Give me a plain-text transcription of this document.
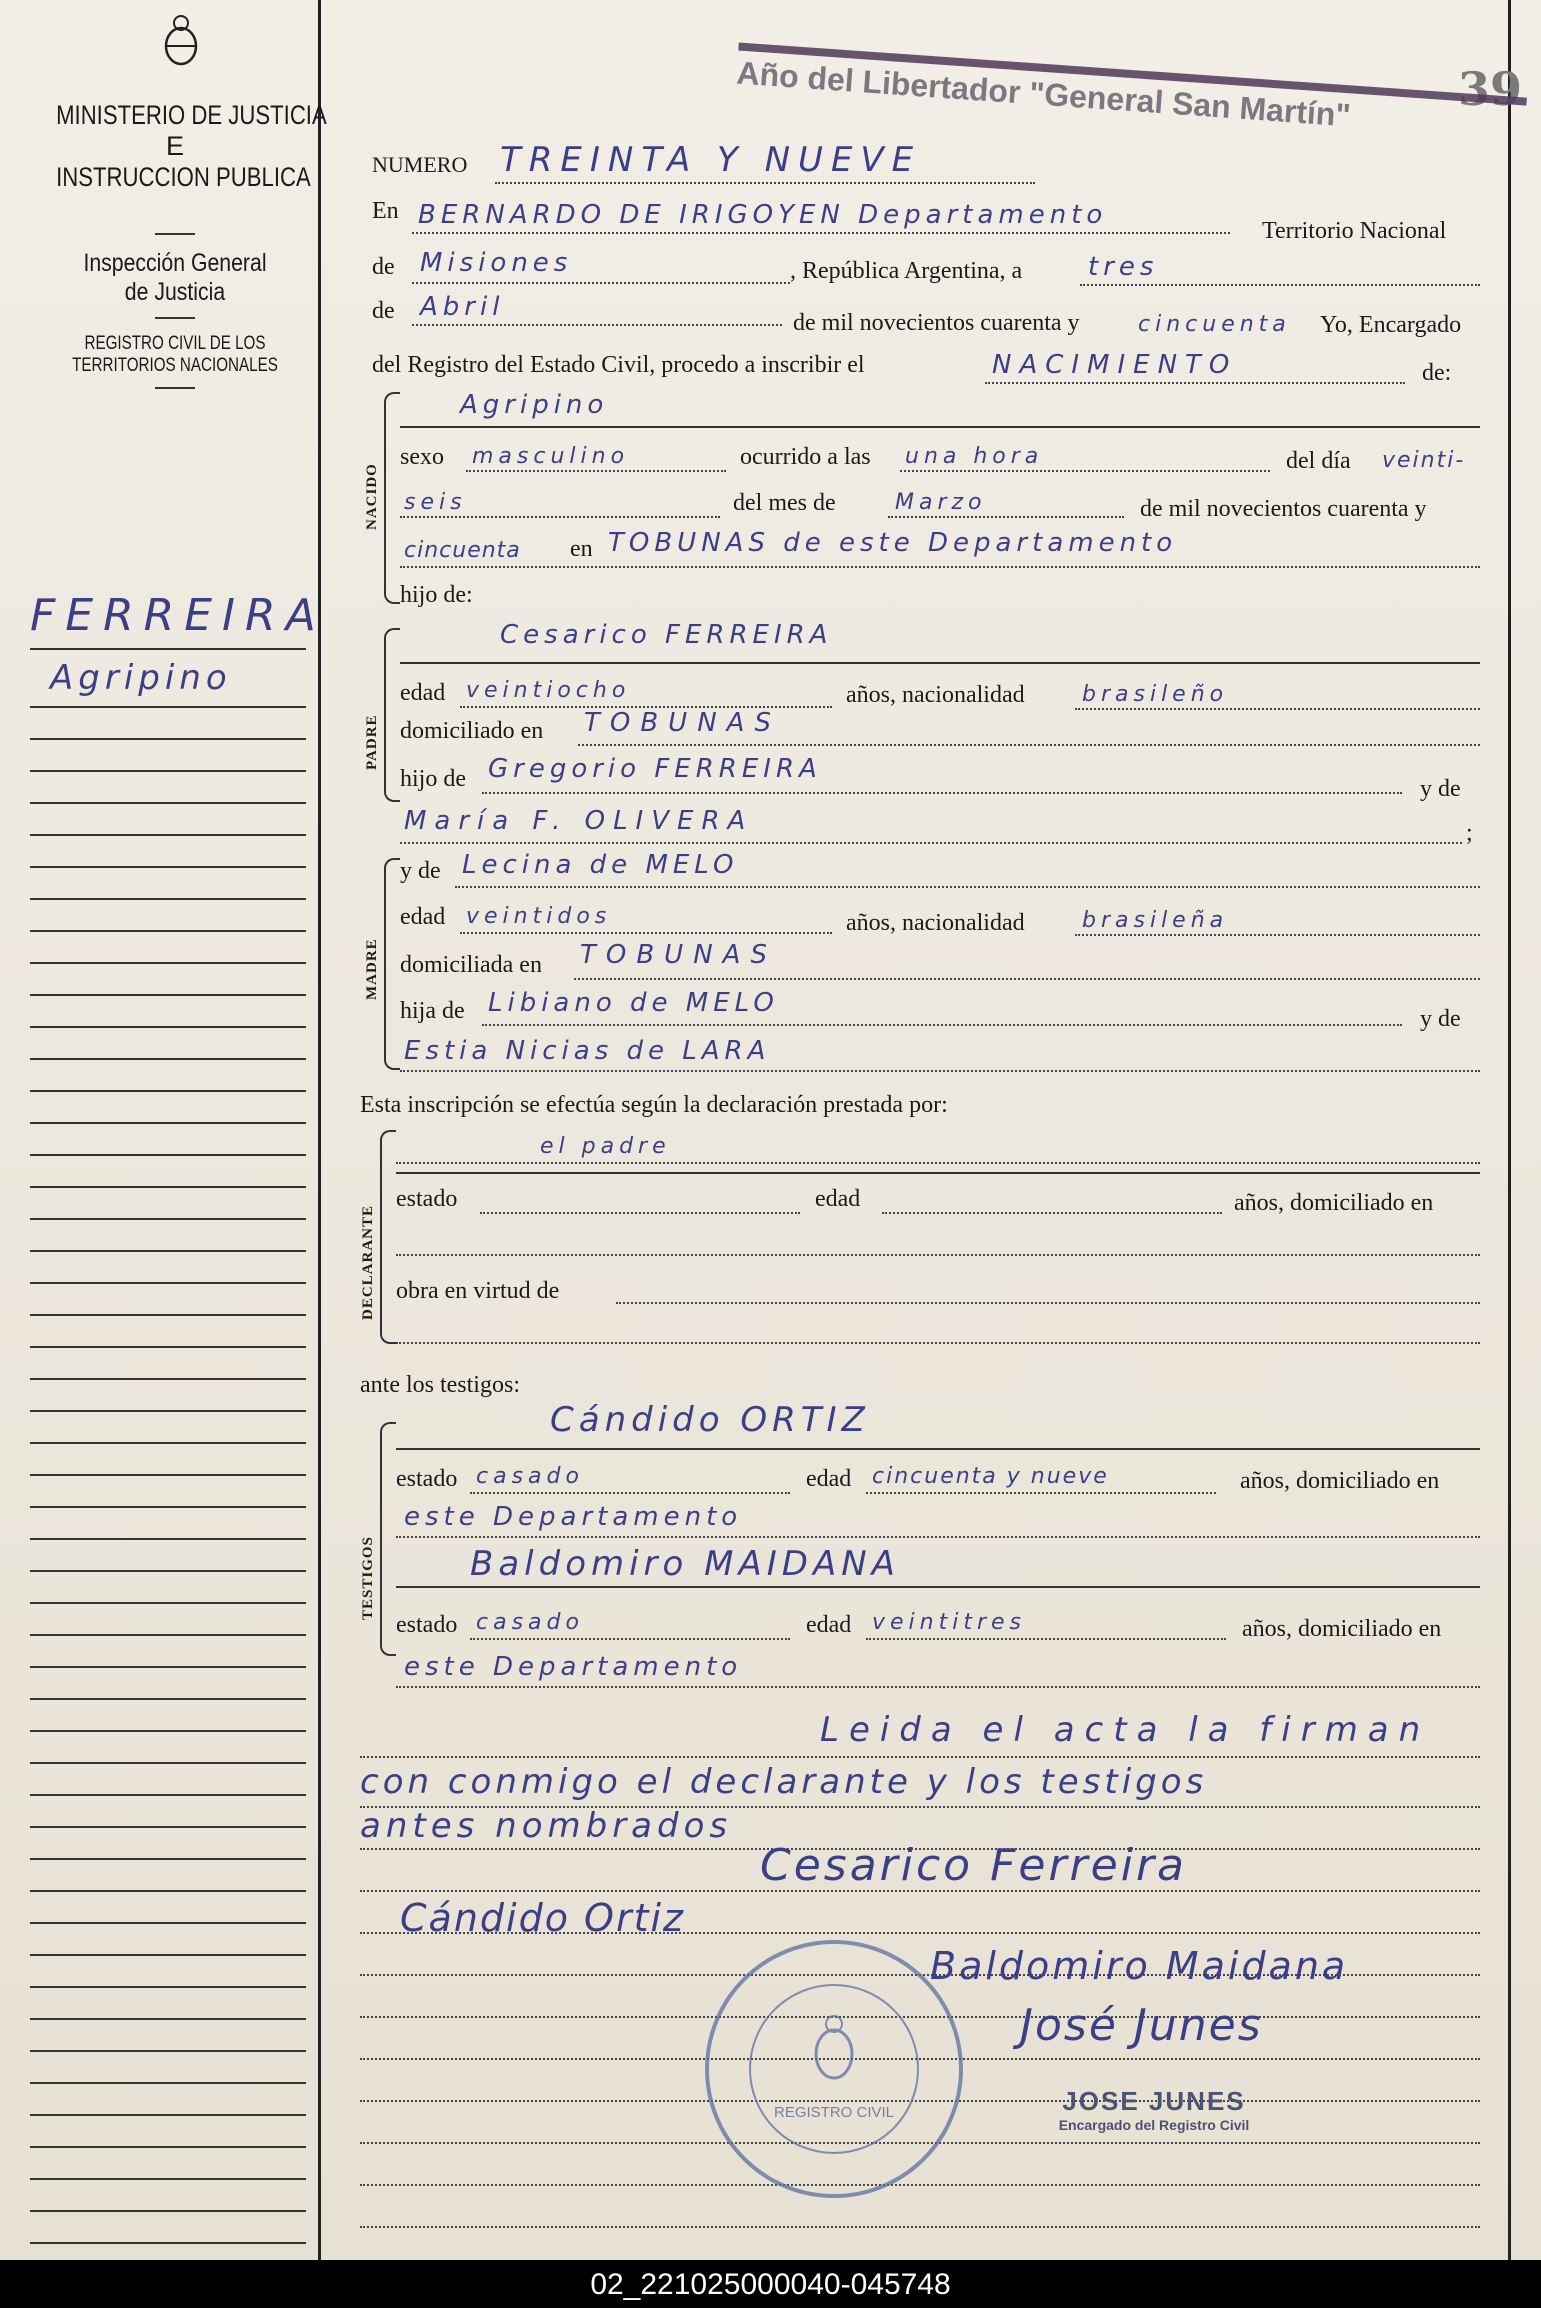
39
Año del Libertador "General San Martín"
MINISTERIO DE JUSTICIA
E
INSTRUCCION PUBLICA
Inspección General
de Justicia
REGISTRO CIVIL DE LOS
TERRITORIOS NACIONALES
FERREIRA
Agripino
NUMERO TREINTA Y NUEVE
En BERNARDO DE IRIGOYEN Departamento
Territorio Nacional
de Misiones	, República Argentina, a	tres
de Abril
de mil novecientos cuarenta y	cincuenta Yo, Encargado
del Registro del Estado Civil, procedo a inscribir el	NACIMIENTO	de:
NACIDO
Agripino
sexo masculino	ocurrido a las una hora	del día veinti-
seis	del mes de	Marzo	de mil novecientos cuarenta y
cincuenta en TOBUNAS de este Departamento
hijo de:
PADRE
Cesarico FERREIRA
edad veintiocho	años, nacionalidad	brasileño
domiciliado en TOBUNAS
hijo de Gregorio FERREIRA
y de
María F. OLIVERA	;
MADRE
y de Lecina de MELO
edad veintidos	años, nacionalidad	brasileña
domiciliada en TOBUNAS
hija de Libiano de MELO
y de
Estia Nicias de LARA
Esta inscripción se efectúa según la declaración prestada por:
DECLARANTE
el padre
estado	edad	años, domiciliado en
obra en virtud de
ante los testigos:
TESTIGOS
Cándido ORTIZ
estado casado	edad cincuenta y nueve	años, domiciliado en
este Departamento
Baldomiro MAIDANA
estado casado	edad veintitres	años, domiciliado en
este Departamento
Leida el acta la firman
con conmigo el declarante y los testigos
antes nombrados
Cesarico Ferreira
Cándido Ortiz
Baldomiro Maidana
José Junes
JOSE JUNES
Encargado del Registro Civil
REGISTRO CIVIL
02_221025000040-045748
